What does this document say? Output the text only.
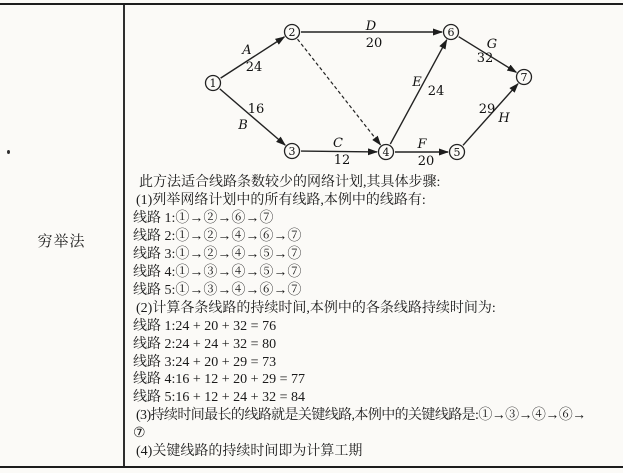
穷举法
A
24
16
B
D
20
C
12
E
24
F
20
G
32
29
H
1
2
3	4	5
6
7

此方法适合线路条数较少的网络计划,其具体步骤:

(1)列举网络计划中的所有线路,本例中的线路有:

线路 1:①→②→⑥→⑦

线路 2:①→②→④→⑥→⑦

线路 3:①→②→④→⑤→⑦

线路 4:①→③→④→⑤→⑦

线路 5:①→③→④→⑥→⑦

(2)计算各条线路的持续时间,本例中的各条线路持续时间为:

线路 1:24 + 20 + 32 = 76

线路 2:24 + 24 + 32 = 80

线路 3:24 + 20 + 29 = 73

线路 4:16 + 12 + 20 + 29 = 77

线路 5:16 + 12 + 24 + 32 = 84

(3)持续时间最长的线路就是关键线路,本例中的关键线路是:①→③→④→⑥→

⑦

(4)关键线路的持续时间即为计算工期
